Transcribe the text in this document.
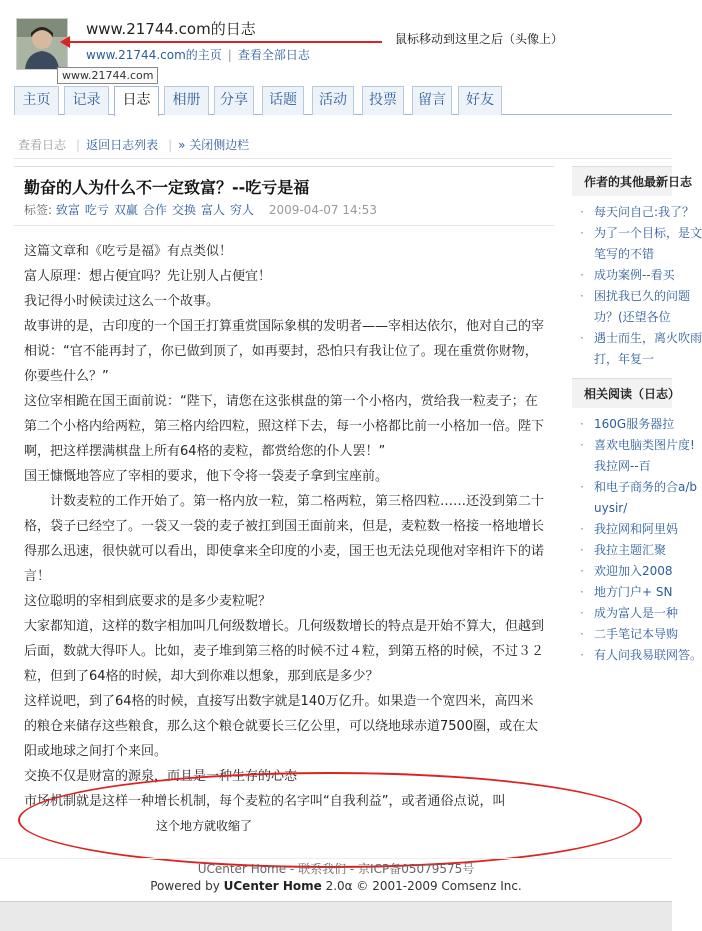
www.21744.com的日志
www.21744.com的主页 | 查看全部日志
鼠标移动到这里之后（头像上）
www.21744.com
主页	记录	日志	相册	分享	话题	活动	投票	留言	好友
查看日志 | 返回日志列表 | » 关闭侧边栏
勤奋的人为什么不一定致富？--吃亏是福
标签: 致富 吃亏 双赢 合作 交换 富人 穷人 2009-04-07 14:53

这篇文章和《吃亏是福》有点类似！

富人原理：想占便宜吗？先让别人占便宜！

我记得小时候读过这么一个故事。

故事讲的是，古印度的一个国王打算重赏国际象棋的发明者——宰相达依尔，他对自己的宰相说：“官不能再封了，你已做到顶了，如再要封，恐怕只有我让位了。现在重赏你财物，你要些什么？”

这位宰相跪在国王面前说：“陛下，请您在这张棋盘的第一个小格内，赏给我一粒麦子；在第二个小格内给两粒，第三格内给四粒，照这样下去，每一小格都比前一小格加一倍。陛下啊，把这样摆满棋盘上所有64格的麦粒，都赏给您的仆人罢！”

国王慷慨地答应了宰相的要求，他下令将一袋麦子拿到宝座前。

　　计数麦粒的工作开始了。第一格内放一粒，第二格两粒，第三格四粒……还没到第二十格，袋子已经空了。一袋又一袋的麦子被扛到国王面前来，但是，麦粒数一格接一格地增长得那么迅速，很快就可以看出，即使拿来全印度的小麦，国王也无法兑现他对宰相许下的诺言！

这位聪明的宰相到底要求的是多少麦粒呢？

大家都知道，这样的数字相加叫几何级数增长。几何级数增长的特点是开始不算大，但越到后面，数就大得吓人。比如，麦子堆到第三格的时候不过４粒，到第五格的时候，不过３２粒，但到了64格的时候，却大到你难以想象，那到底是多少？

这样说吧，到了64格的时候，直接写出数字就是140万亿升。如果造一个宽四米，高四米的粮仓来储存这些粮食，那么这个粮仓就要长三亿公里，可以绕地球赤道7500圈，或在太阳或地球之间打个来回。

交换不仅是财富的源泉，而且是一种生存的心态

市场机制就是这样一种增长机制，每个麦粒的名字叫“自我利益”，或者通俗点说，叫

作者的其他最新日志
· 每天问自己:我了？
· 为了一个目标，是文笔写的不错
· 成功案例--看买
· 困扰我已久的问题功？(还望各位
· 遇士而生，离火吹雨打，年复一
相关阅读（日志）
· 160G服务器拉
· 喜欢电脑类图片度!我拉网--百
· 和电子商务的合a/buysir/
· 我拉网和阿里妈
· 我拉主题汇聚
· 欢迎加入2008
· 地方门户+ SN
· 成为富人是一种
· 二手笔记本导购
· 有人问我易联网答。
这个地方就收缩了
UCenter Home - 联系我们 - 京ICP备05079575号
Powered by UCenter Home 2.0α © 2001-2009 Comsenz Inc.
